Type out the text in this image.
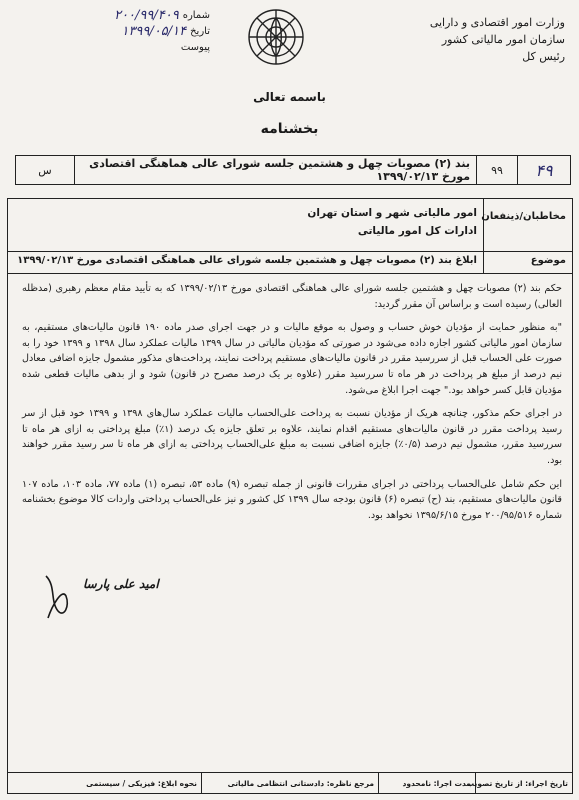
وزارت امور اقتصادی و دارایی
سازمان امور مالیاتی کشور
رئیس کل
شماره
۲۰۰/۹۹/۴۰۹
تاریخ
۱۳۹۹/۰۵/۱۴
پیوست
باسمه تعالی
بخشنامه
۴۹
۹۹
بند (۲) مصوبات چهل و هشتمین جلسه شورای عالی هماهنگی اقتصادی مورخ ۱۳۹۹/۰۲/۱۳
س
مخاطبان/ذینفعان
امور مالیاتی شهر و استان تهران
ادارات کل امور مالیاتی
موضوع
ابلاغ بند (۲) مصوبات چهل و هشتمین جلسه شورای عالی هماهنگی اقتصادی مورخ ۱۳۹۹/۰۲/۱۳

حکم بند (۲) مصوبات چهل و هشتمین جلسه شورای عالی هماهنگی اقتصادی مورخ ۱۳۹۹/۰۲/۱۳ که به تأیید مقام معظم رهبری (مدظله العالی) رسیده است و براساس آن مقرر گردید:

"به منظور حمایت از مؤدیان خوش حساب و وصول به موقع مالیات و در جهت اجرای صدر ماده ۱۹۰ قانون مالیات‌های مستقیم، به سازمان امور مالیاتی کشور اجازه داده می‌شود در صورتی که مؤدیان مالیاتی در سال ۱۳۹۹ مالیات عملکرد سال ۱۳۹۸ و ۱۳۹۹ خود را به صورت علی الحساب قبل از سررسید مقرر در قانون مالیات‌های مستقیم پرداخت نمایند، پرداخت‌های مذکور مشمول جایزه اضافی معادل نیم درصد از مبلغ هر پرداخت در هر ماه تا سررسید مقرر (علاوه بر یک درصد مصرح در قانون) شود و از بدهی مالیات قطعی شده مؤدیان قابل کسر خواهد بود." جهت اجرا ابلاغ می‌شود.

در اجرای حکم مذکور، چنانچه هریک از مؤدیان نسبت به پرداخت علی‌الحساب مالیات عملکرد سال‌های ۱۳۹۸ و ۱۳۹۹ خود قبل از سر رسید پرداخت مقرر در قانون مالیات‌های مستقیم اقدام نمایند، علاوه بر تعلق جایزه یک درصد (۱٪) مبلغ پرداختی به ازای هر ماه تا سررسید مقرر، مشمول نیم درصد (۰/۵٪) جایزه اضافی نسبت به مبلغ علی‌الحساب پرداختی به ازای هر ماه تا سر رسید مقرر خواهند بود.

این حکم شامل علی‌الحساب پرداختی در اجرای مقررات قانونی از جمله تبصره (۹) ماده ۵۳، تبصره (۱) ماده ۷۷، ماده ۱۰۳، ماده ۱۰۷ قانون مالیات‌های مستقیم، بند (ح) تبصره (۶) قانون بودجه سال ۱۳۹۹ کل کشور و نیز علی‌الحساب پرداختی واردات کالا موضوع بخشنامه شماره ۲۰۰/۹۵/۵۱۶ مورخ ۱۳۹۵/۶/۱۵ نخواهد بود.

امید علی پارسا
تاریخ اجراء: از تاریخ تصویب
مدت اجرا: نامحدود
مرجع ناظره: دادستانی انتظامی مالیاتی
نحوه ابلاغ: فیزیکی / سیستمی
